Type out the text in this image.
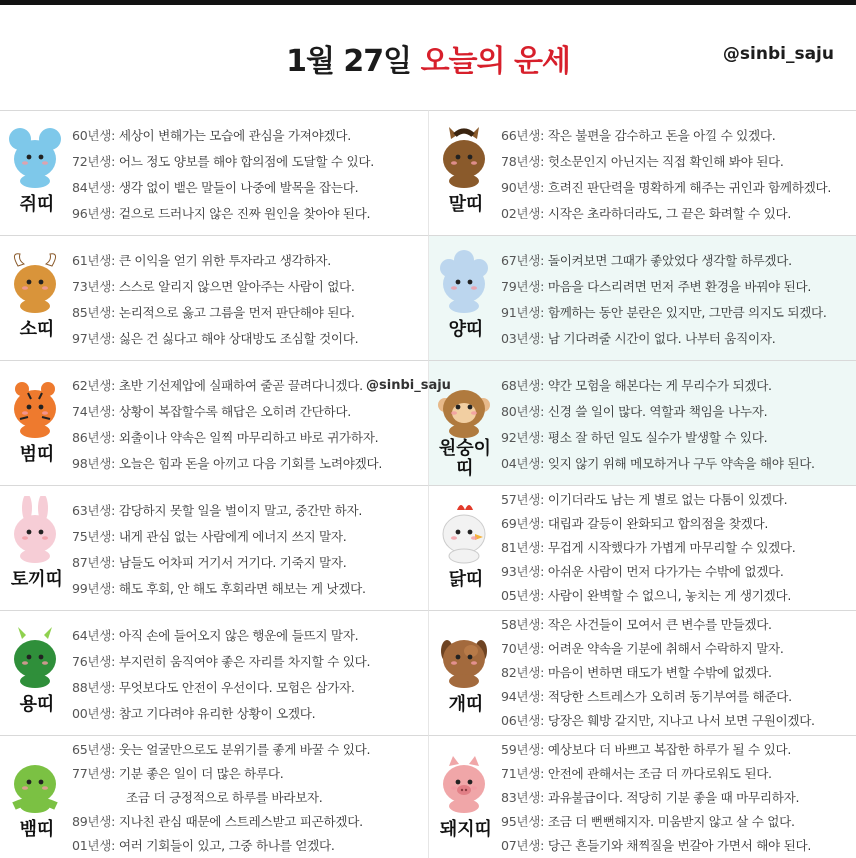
1월 27일 오늘의 운세	@sinbi_saju
쥐띠
60년생: 세상이 변해가는 모습에 관심을 가져야겠다.
72년생: 어느 정도 양보를 해야 합의점에 도달할 수 있다.
84년생: 생각 없이 뱉은 말들이 나중에 발목을 잡는다.
96년생: 겉으로 드러나지 않은 진짜 원인을 찾아야 된다.	말띠
66년생: 작은 불편을 감수하고 돈을 아낄 수 있겠다.
78년생: 헛소문인지 아닌지는 직접 확인해 봐야 된다.
90년생: 흐려진 판단력을 명확하게 해주는 귀인과 함께하겠다.
02년생: 시작은 초라하더라도, 그 끝은 화려할 수 있다.
소띠
61년생: 큰 이익을 얻기 위한 투자라고 생각하자.
73년생: 스스로 알리지 않으면 알아주는 사람이 없다.
85년생: 논리적으로 옳고 그름을 먼저 판단해야 된다.
97년생: 싫은 건 싫다고 해야 상대방도 조심할 것이다.	양띠
67년생: 돌이켜보면 그때가 좋았었다 생각할 하루겠다.
79년생: 마음을 다스리려면 먼저 주변 환경을 바꿔야 된다.
91년생: 함께하는 동안 분란은 있지만, 그만큼 의지도 되겠다.
03년생: 남 기다려줄 시간이 없다. 나부터 움직이자.
범띠
62년생: 초반 기선제압에 실패하여 줄곧 끌려다니겠다.
74년생: 상황이 복잡할수록 해답은 오히려 간단하다.
86년생: 외출이나 약속은 일찍 마무리하고 바로 귀가하자.
98년생: 오늘은 힘과 돈을 아끼고 다음 기회를 노려야겠다.
원숭이띠
68년생: 약간 모험을 해본다는 게 무리수가 되겠다.
80년생: 신경 쓸 일이 많다. 역할과 책임을 나누자.
92년생: 평소 잘 하던 일도 실수가 발생할 수 있다.
04년생: 잊지 않기 위해 메모하거나 구두 약속을 해야 된다.
토끼띠
63년생: 감당하지 못할 일을 벌이지 말고, 중간만 하자.
75년생: 내게 관심 없는 사람에게 에너지 쓰지 말자.
87년생: 남들도 어차피 거기서 거기다. 기죽지 말자.
99년생: 해도 후회, 안 해도 후회라면 해보는 게 낫겠다.	닭띠
57년생: 이기더라도 남는 게 별로 없는 다툼이 있겠다.
69년생: 대립과 갈등이 완화되고 합의점을 찾겠다.
81년생: 무겁게 시작했다가 가볍게 마무리할 수 있겠다.
93년생: 아쉬운 사람이 먼저 다가가는 수밖에 없겠다.
05년생: 사람이 완벽할 수 없으니, 놓치는 게 생기겠다.
용띠
64년생: 아직 손에 들어오지 않은 행운에 들뜨지 말자.
76년생: 부지런히 움직여야 좋은 자리를 차지할 수 있다.
88년생: 무엇보다도 안전이 우선이다. 모험은 삼가자.
00년생: 참고 기다려야 유리한 상황이 오겠다.	개띠
58년생: 작은 사건들이 모여서 큰 변수를 만들겠다.
70년생: 어려운 약속을 기분에 취해서 수락하지 말자.
82년생: 마음이 변하면 태도가 변할 수밖에 없겠다.
94년생: 적당한 스트레스가 오히려 동기부여를 해준다.
06년생: 당장은 훼방 같지만, 지나고 나서 보면 구원이겠다.
뱀띠
65년생: 웃는 얼굴만으로도 분위기를 좋게 바꿀 수 있다.
77년생: 기분 좋은 일이 더 많은 하루다.
조금 더 긍정적으로 하루를 바라보자.
89년생: 지나친 관심 때문에 스트레스받고 피곤하겠다.
01년생: 여러 기회들이 있고, 그중 하나를 얻겠다.
돼지띠
59년생: 예상보다 더 바쁘고 복잡한 하루가 될 수 있다.
71년생: 안전에 관해서는 조금 더 까다로워도 된다.
83년생: 과유불급이다. 적당히 기분 좋을 때 마무리하자.
95년생: 조금 더 뻔뻔해지자. 미움받지 않고 살 수 없다.
07년생: 당근 흔들기와 채찍질을 번갈아 가면서 해야 된다.
@sinbi_saju
